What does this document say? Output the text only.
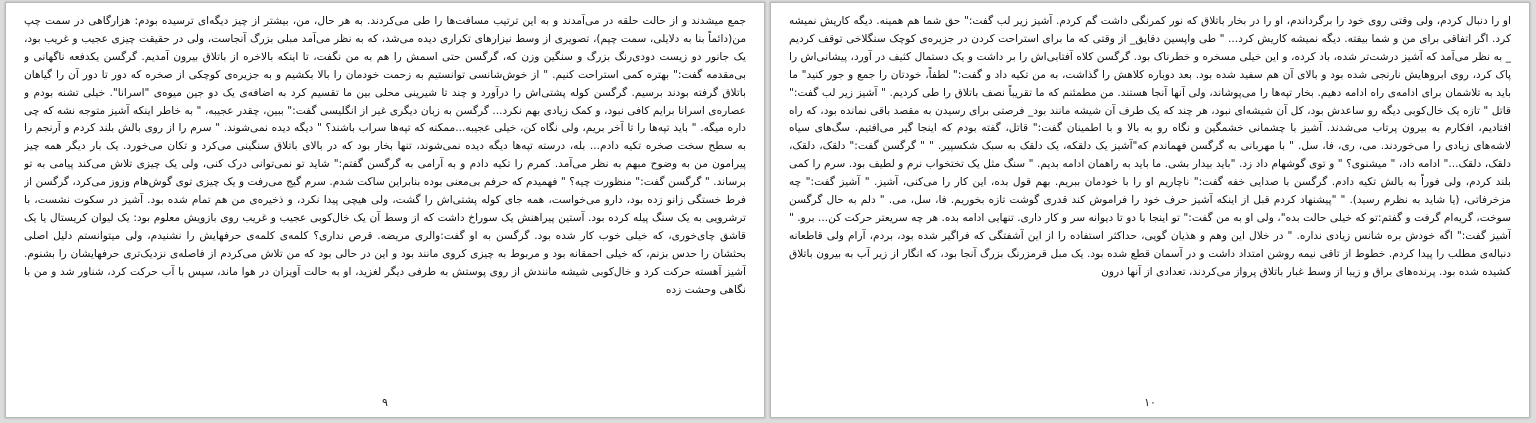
جمع میشدند و از حالت حلقه در می‌آمدند و به این ترتیب مسافت‌ها را طی می‌کردند. به هر حال، من، بیشتر از چیز دیگه‌ای ترسیده بودم: هزارگاهی در سمت چپ من(دائماً بنا به دلایلی، سمت چپم)، تصویری از وسط نیزارهای تکراری دیده می‌شد، که به نظر می‌آمد مبلی بزرگ آنجاست، ولی در حقیقت چیزی عجیب و غریب بود، یک جانور دو زیست دودی‌رنگ بزرگ و سنگین وزن که، گرگسن حتی اسمش را هم به من نگفت، تا اینکه بالاخره از باتلاق بیرون آمدیم. گرگسن یکدفعه ناگهانی و بی‌مقدمه گفت:" بهتره کمی استراحت کنیم. " از خوش‌شانسی توانستیم به زحمت خودمان را بالا بکشیم و به جزیره‌ی کوچکی از صخره که دور تا دور آن را گیاهان باتلاق گرفته بودند برسیم. گرگسن کوله پشتی‌اش را درآورد و چند تا شیرینی محلی بین ما تقسیم کرد به اضافه‌ی یک دو جین میوه‌ی "اسرانا". خیلی تشنه بودم و عصاره‌ی اسرانا برایم کافی نبود، و کمک زیادی بهم نکرد... گرگسن به زبان دیگری غیر از انگلیسی گفت:" ببین، چقدر عجیبه، " به خاطر اینکه آشیز متوجه نشه که چی داره میگه. " باید تپه‌ها را تا آخر بریم، ولی نگاه کن، خیلی عجیبه...ممکنه که تپه‌ها سراب باشند؟ " دیگه دیده نمی‌شوند. " سرم را از روی بالش بلند کردم و آرنجم را به سطح سخت صخره تکیه دادم... بله، درسته تپه‌ها دیگه دیده نمی‌شوند، تنها بخار بود که در بالای باتلاق سنگینی می‌کرد و تکان می‌خورد. یک بار دیگر همه چیز پیرامون من به وضوح مبهم به نظر می‌آمد. کمرم را تکیه دادم و به آرامی به گرگسن گفتم:" شاید تو نمی‌توانی درک کنی، ولی یک چیزی تلاش می‌کند پیامی به تو برساند. " گرگسن گفت:" منظورت چیه؟ " فهمیدم که حرفم بی‌معنی بوده بنابراین ساکت شدم. سرم گیج می‌رفت و یک چیزی توی گوش‌هام وزوز می‌کرد، گرگسن از فرط خستگی زانو زده بود، دارو می‌خواست، همه جای کوله پشتی‌اش را گشت، ولی هیچی پیدا نکرد، و ذخیره‌ی من هم تمام شده بود. آشیز در سکوت نشست، با ترشرویی به یک سنگ پیله کرده بود. آستین پیراهنش یک سوراخ داشت که از وسط آن یک خال‌کوبی عجیب و غریب روی بازویش معلوم بود: یک لیوان کریستال یا یک قاشق چای‌خوری، که خیلی خوب کار شده بود. گرگسن به او گفت:والری مریضه. قرص نداری؟ کلمه‌ی کلمه‌ی حرفهایش را نشنیدم، ولی میتوانستم دلیل اصلی بحثشان را حدس بزنم، که خیلی احمقانه بود و مربوط به چیزی کروی مانند بود و این در حالی بود که من تلاش می‌کردم از فاصله‌ی نزدیک‌تری حرفهایشان را بشنوم. آشیز آهسته حرکت کرد و خال‌کوبی شیشه مانندش از روی پوستش به طرفی دیگر لغزید، او به حالت آویزان در هوا ماند، سپس با آب حرکت کرد، شناور شد و من با نگاهی وحشت زده
۹
او را دنبال کردم، ولی وقتی روی خود را برگرداندم، او را در بخار باتلاق که نور کمرنگی داشت گم کردم. آشیز زیر لب گفت:" حق شما هم همینه. دیگه کاریش نمیشه کرد. اگر اتفاقی برای من و شما بیفته. دیگه نمیشه کاریش کرد... " طی واپسین دقایق_ از وقتی که ما برای استراحت کردن در جزیره‌ی کوچک سنگلاخی توقف کردیم _ به نظر می‌آمد که آشیز درشت‌تر شده، باد کرده، و این خیلی مسخره و خطرناک بود. گرگسن کلاه آفتابی‌اش را بر داشت و یک دستمال کثیف در آورد، پیشانی‌اش را پاک کرد، روی ابروهایش نارنجی شده بود و بالای آن هم سفید شده بود. بعد دوباره کلاهش را گذاشت، به من تکیه داد و گفت:" لطفاً، خودتان را جمع و جور کنید" ما باید به تلاشمان برای ادامه‌ی راه ادامه دهیم. بخار تپه‌ها را می‌پوشاند، ولی آنها آنجا هستند. من مطمئنم که ما تقریباً نصف باتلاق را طی کردیم. " آشیز زیر لب گفت:" قاتل " تازه یک خال‌کوبی دیگه رو ساعدش بود، کل آن شیشه‌ای نبود، هر چند که یک طرف آن شیشه مانند بود_ فرصتی برای رسیدن به مقصد باقی نمانده بود، که راه افتادیم، افکارم به بیرون پرتاب می‌شدند. آشیز با چشمانی خشمگین و نگاه رو به بالا و با اطمینان گفت:" قاتل، گفته بودم که اینجا گیر می‌افتیم. سگ‌های سیاه لاشه‌های زیادی را می‌خوردند. می، ری، فا، سل. " با مهربانی به گرگسن فهماندم که"آشیز یک دلقکه، یک دلقک به سبک شکسپیر. " " گرگسن گفت:" دلقک، دلقک، دلقک، دلقک..." ادامه داد، " میشنوی؟ " و توی گوشهام داد زد. "باید بیدار بشی. ما باید به راهمان ادامه بدیم. " سنگ مثل یک تختخواب نرم و لطیف بود. سرم را کمی بلند کردم، ولی فوراً به بالش تکیه دادم. گرگسن با صدایی خفه گفت:" ناچاریم او را با خودمان ببریم. بهم قول بده، این کار را می‌کنی، آشیز. " آشیز گفت:" چه مزخرفاتی، (یا شاید به نظرم رسید). " "پیشنهاد کردم قبل از اینکه آشیز حرف خود را فراموش کند قدری گوشت تازه بخوریم. فا، سل، می. " دلم به حال گرگسن سوخت، گریه‌ام گرفت و گفتم:تو که خیلی حالت بده"، ولی او به من گفت:" تو اینجا با دو تا دیوانه سر و کار داری. تنهایی ادامه بده. هر چه سریعتر حرکت کن... برو. " آشیز گفت:" اگه خودش بره شانس زیادی نداره. " در خلال این وهم و هذیان گویی، حداکثر استفاده را از این آشفتگی که فراگیر شده بود، بردم، آرام ولی قاطعانه دنباله‌ی مطلب را پیدا کردم. خطوط از تاقی نیمه روشن امتداد داشت و در آسمان قطع شده بود. یک مبل قرمزرنگ بزرگ آنجا بود، که انگار از زیر آب به بیرون باتلاق کشیده شده بود. پرنده‌های براق و زیبا از وسط غبار باتلاق پرواز می‌کردند، تعدادی از آنها درون
۱۰
